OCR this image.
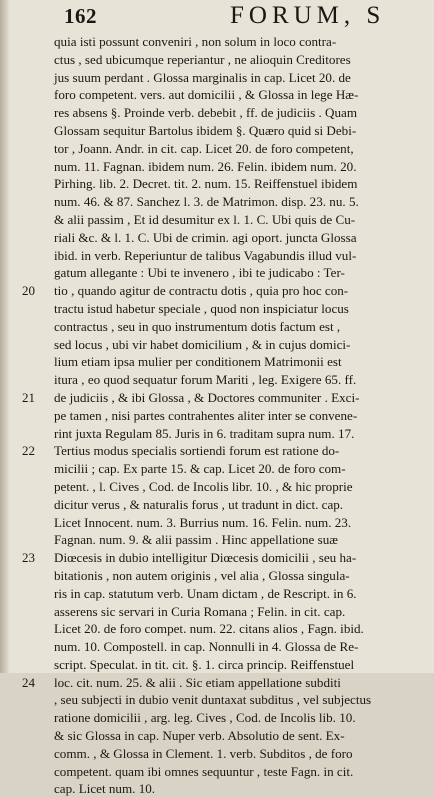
162	FORUM, S
quia isti possunt conveniri , non solum in loco contra-
ctus , sed ubicumque reperiantur , ne alioquin Creditores
jus suum perdant . Glossa marginalis in cap. Licet 20. de
foro competent. vers. aut domicilii , & Glossa in lege Hæ-
res absens §. Proinde verb. debebit , ff. de judiciis . Quam
Glossam sequitur Bartolus ibidem §. Quæro quid si Debi-
tor , Joann. Andr. in cit. cap. Licet 20. de foro competent,
num. 11. Fagnan. ibidem num. 26. Felin. ibidem num. 20.
Pirhing. lib. 2. Decret. tit. 2. num. 15. Reiffenstuel ibidem
num. 46. & 87. Sanchez l. 3. de Matrimon. disp. 23. nu. 5.
& alii passim , Et id desumitur ex l. 1. C. Ubi quis de Cu-
riali &c. & l. 1. C. Ubi de crimin. agi oport. juncta Glossa
ibid. in verb. Reperiuntur de talibus Vagabundis illud vul-
gatum allegante : Ubi te invenero , ibi te judicabo : Ter-
20 tio , quando agitur de contractu dotis , quia pro hoc con-
tractu istud habetur speciale , quod non inspiciatur locus
contractus , seu in quo instrumentum dotis factum est ,
sed locus , ubi vir habet domicilium , & in cujus domici-
lium etiam ipsa mulier per conditionem Matrimonii est
itura , eo quod sequatur forum Mariti , leg. Exigere 65. ff.
21 de judiciis , & ibi Glossa , & Doctores communiter . Exci-
pe tamen , nisi partes contrahentes aliter inter se convene-
rint juxta Regulam 85. Juris in 6. traditam supra num. 17.
22 Tertius modus specialis sortiendi forum est ratione do-
micilii ; cap. Ex parte 15. & cap. Licet 20. de foro com-
petent. , l. Cives , Cod. de Incolis libr. 10. , & hic proprie
dicitur verus , & naturalis forus , ut tradunt in dict. cap.
Licet Innocent. num. 3. Burrius num. 16. Felin. num. 23.
Fagnan. num. 9. & alii passim . Hinc appellatione suæ
23 Diœcesis in dubio intelligitur Diœcesis domicilii , seu ha-
bitationis , non autem originis , vel alia , Glossa singula-
ris in cap. statutum verb. Unam dictam , de Rescript. in 6.
asserens sic servari in Curia Romana ; Felin. in cit. cap.
Licet 20. de foro compet. num. 22. citans alios , Fagn. ibid.
num. 10. Compostell. in cap. Nonnulli in 4. Glossa de Re-
script. Speculat. in tit. cit. §. 1. circa princip. Reiffenstuel
24 loc. cit. num. 25. & alii . Sic etiam appellatione subditi
, seu subjecti in dubio venit duntaxat subditus , vel subjectus
ratione domicilii , arg. leg. Cives , Cod. de Incolis lib. 10.
& sic Glossa in cap. Nuper verb. Absolutio de sent. Ex-
comm. , & Glossa in Clement. 1. verb. Subditos , de foro
competent. quam ibi omnes sequuntur , teste Fagn. in cit.
cap. Licet num. 10.
